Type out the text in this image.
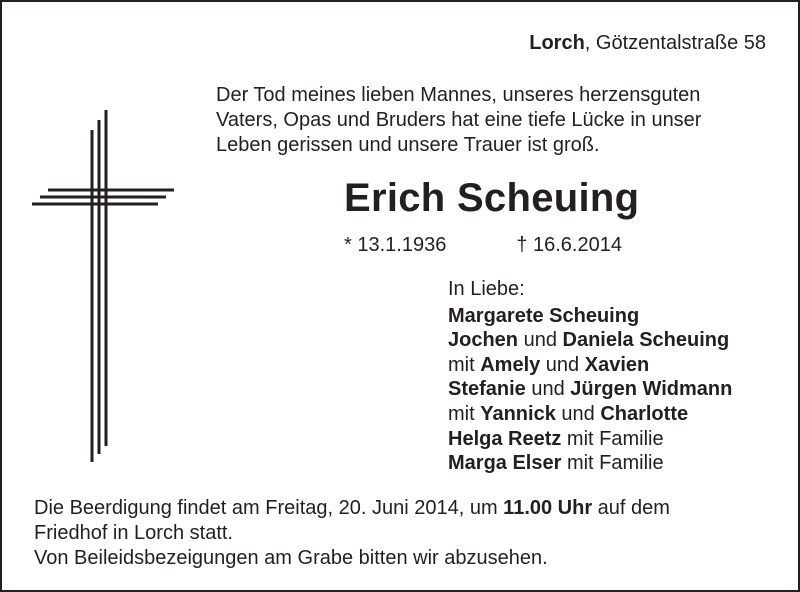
Lorch, Götzentalstraße 58
Der Tod meines lieben Mannes, unseres herzensguten
Vaters, Opas und Bruders hat eine tiefe Lücke in unser
Leben gerissen und unsere Trauer ist groß.
Erich Scheuing
* 13.1.1936	† 16.6.2014
In Liebe:
Margarete Scheuing
Jochen und Daniela Scheuing
mit Amely und Xavien
Stefanie und Jürgen Widmann
mit Yannick und Charlotte
Helga Reetz mit Familie
Marga Elser mit Familie
Die Beerdigung findet am Freitag, 20. Juni 2014, um 11.00 Uhr auf dem
Friedhof in Lorch statt.
Von Beileidsbezeigungen am Grabe bitten wir abzusehen.
